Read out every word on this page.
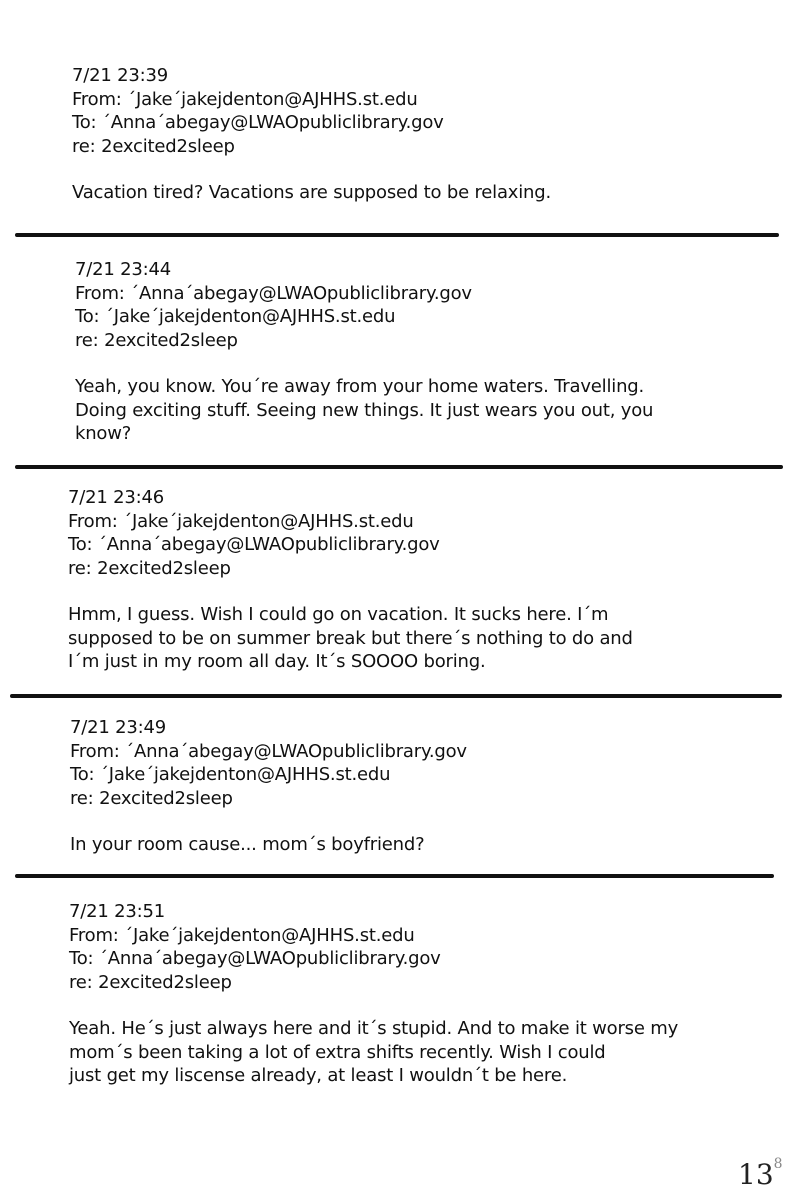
7/21 23:39
From: ´Jake´jakejdenton@AJHHS.st.edu
To: ´Anna´abegay@LWAOpubliclibrary.gov
re: 2excited2sleep
Vacation tired? Vacations are supposed to be relaxing.
7/21 23:44
From: ´Anna´abegay@LWAOpubliclibrary.gov
To: ´Jake´jakejdenton@AJHHS.st.edu
re: 2excited2sleep
Yeah, you know. You´re away from your home waters. Travelling.
Doing exciting stuff. Seeing new things. It just wears you out, you
know?
7/21 23:46
From: ´Jake´jakejdenton@AJHHS.st.edu
To: ´Anna´abegay@LWAOpubliclibrary.gov
re: 2excited2sleep
Hmm, I guess. Wish I could go on vacation. It sucks here. I´m
supposed to be on summer break but there´s nothing to do and
I´m just in my room all day. It´s SOOOO boring.
7/21 23:49
From: ´Anna´abegay@LWAOpubliclibrary.gov
To: ´Jake´jakejdenton@AJHHS.st.edu
re: 2excited2sleep
In your room cause... mom´s boyfriend?
7/21 23:51
From: ´Jake´jakejdenton@AJHHS.st.edu
To: ´Anna´abegay@LWAOpubliclibrary.gov
re: 2excited2sleep
Yeah. He´s just always here and it´s stupid. And to make it worse my
mom´s been taking a lot of extra shifts recently. Wish I could
just get my liscense already, at least I wouldn´t be here.
$13^8$
